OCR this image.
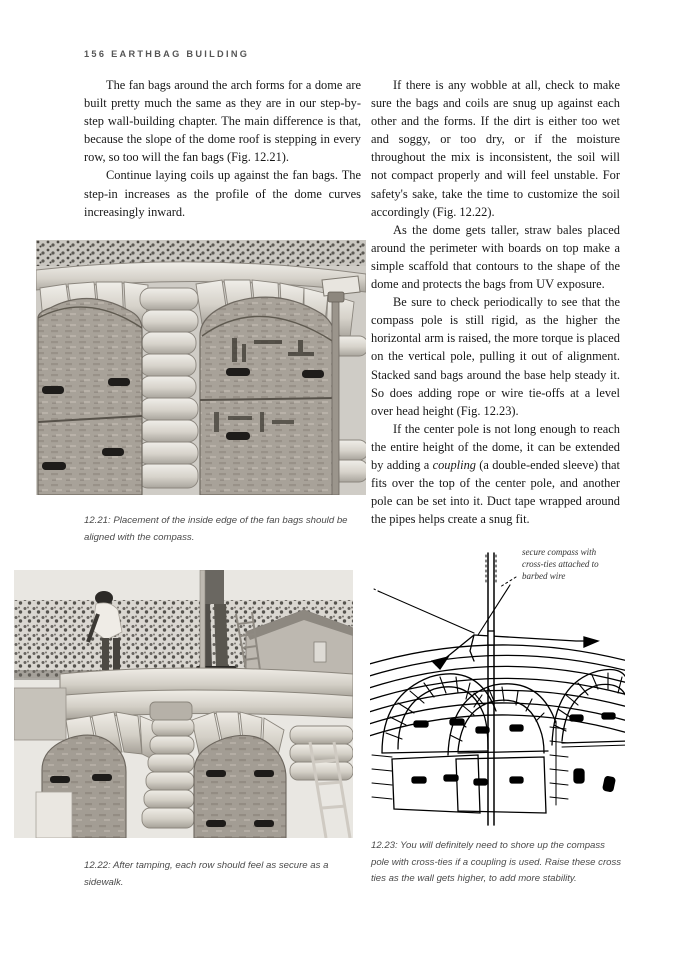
156 EARTHBAG BUILDING

The fan bags around the arch forms for a dome are built pretty much the same as they are in our step-by-step wall-building chapter. The main difference is that, because the slope of the dome roof is stepping in every row, so too will the fan bags (Fig. 12.21).

Continue laying coils up against the fan bags. The step-in increases as the profile of the dome curves increasingly inward.

If there is any wobble at all, check to make sure the bags and coils are snug up against each other and the forms. If the dirt is either too wet and soggy, or too dry, or if the moisture throughout the mix is inconsistent, the soil will not compact properly and will feel unstable. For safety's sake, take the time to customize the soil accordingly (Fig. 12.22).

As the dome gets taller, straw bales placed around the perimeter with boards on top make a simple scaffold that contours to the shape of the dome and protects the bags from UV exposure.

Be sure to check periodically to see that the compass pole is still rigid, as the higher the horizontal arm is raised, the more torque is placed on the vertical pole, pulling it out of alignment. Stacked sand bags around the base help steady it. So does adding rope or wire tie-offs at a level over head height (Fig. 12.23).

If the center pole is not long enough to reach the entire height of the dome, it can be extended by adding a coupling (a double-ended sleeve) that fits over the top of the center pole, and another pole can be set into it. Duct tape wrapped around the pipes helps create a snug fit.

12.21: Placement of the inside edge of the fan bags should be aligned with the compass.
12.22: After tamping, each row should feel as secure as a sidewalk.
secure compass with
cross-ties attached to
barbed wire
12.23: You will definitely need to shore up the compass pole with cross-ties if a coupling is used. Raise these cross ties as the wall gets higher, to add more stability.
